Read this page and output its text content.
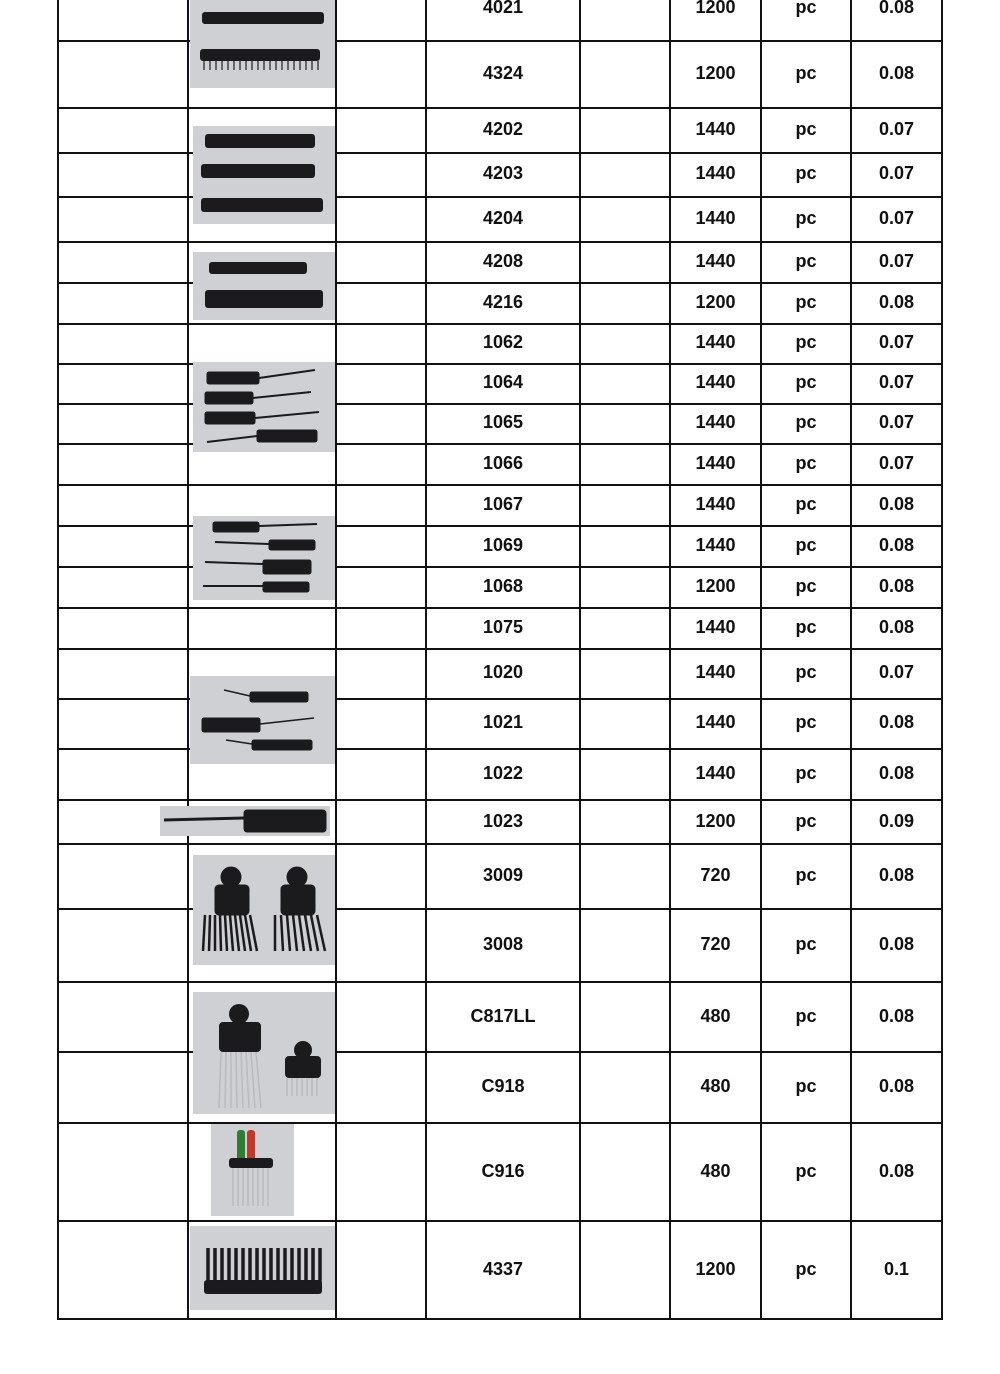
4021	1200	pc	0.08
4324	1200	pc	0.08
4202	1440	pc	0.07
4203	1440	pc	0.07
4204	1440	pc	0.07
4208	1440	pc	0.07
4216	1200	pc	0.08
1062	1440	pc	0.07
1064	1440	pc	0.07
1065	1440	pc	0.07
1066	1440	pc	0.07
1067	1440	pc	0.08
1069	1440	pc	0.08
1068	1200	pc	0.08
1075	1440	pc	0.08
1020	1440	pc	0.07
1021	1440	pc	0.08
1022	1440	pc	0.08
1023	1200	pc	0.09
3009	720	pc	0.08
3008	720	pc	0.08
C817LL	480	pc	0.08
C918	480	pc	0.08
C916	480	pc	0.08
4337	1200	pc	0.1
